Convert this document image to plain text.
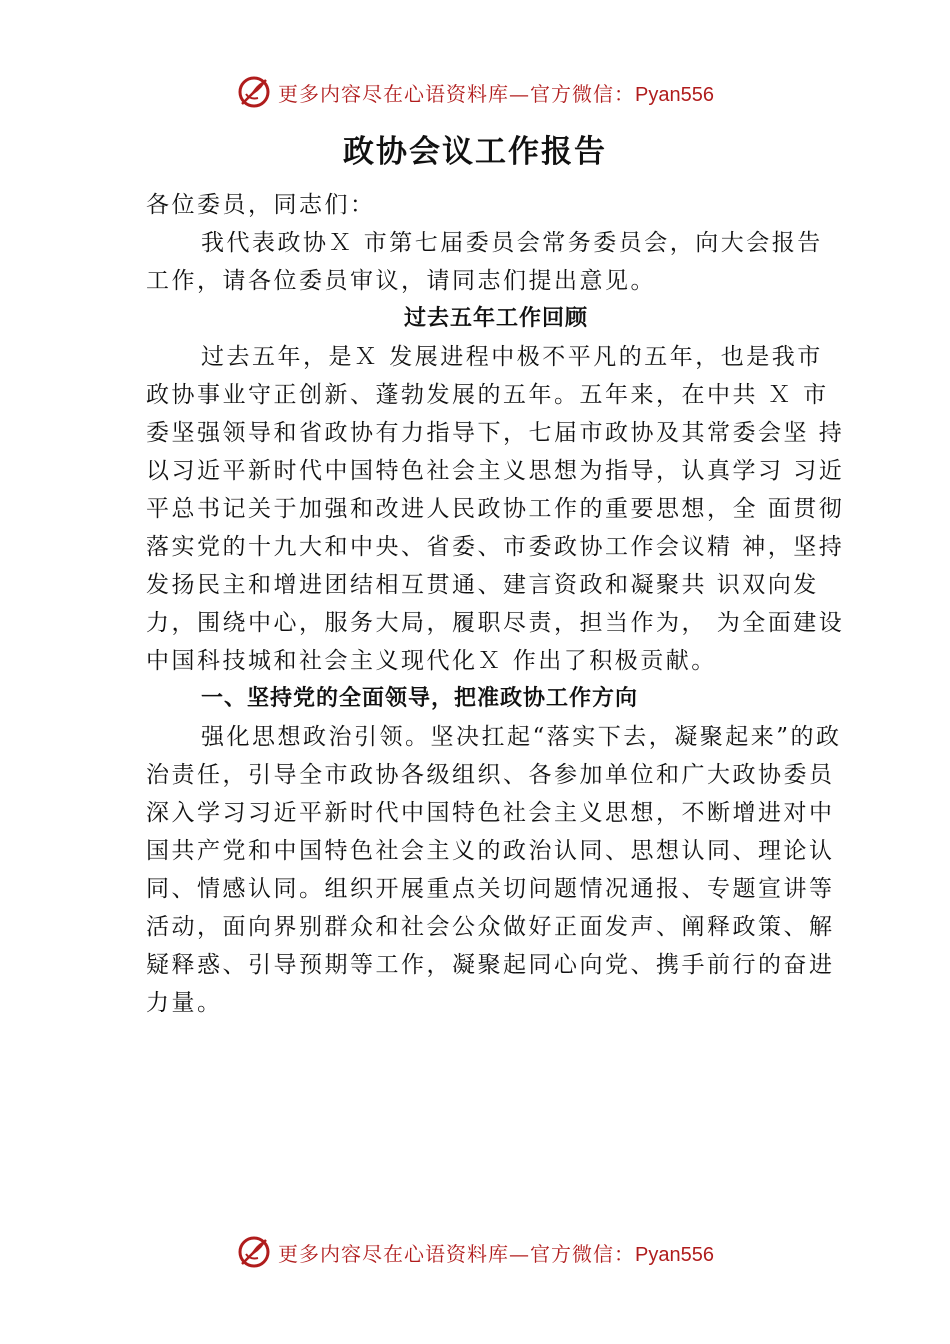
更多内容尽在心语资料库—官方微信：Pyan556
政协会议工作报告

各位委员，同志们：

我代表政协Ｘ 市第七届委员会常务委员会，向大会报告工作，请各位委员审议，请同志们提出意见。

过去五年工作回顾

过去五年，是Ｘ 发展进程中极不平凡的五年，也是我市政协事业守正创新、蓬勃发展的五年。五年来，在中共 Ｘ 市 委坚强领导和省政协有力指导下，七届市政协及其常委会坚 持以习近平新时代中国特色社会主义思想为指导，认真学习 习近平总书记关于加强和改进人民政协工作的重要思想，全 面贯彻落实党的十九大和中央、省委、市委政协工作会议精 神，坚持发扬民主和增进团结相互贯通、建言资政和凝聚共 识双向发力，围绕中心，服务大局，履职尽责，担当作为， 为全面建设中国科技城和社会主义现代化Ｘ 作出了积极贡献。

一、坚持党的全面领导，把准政协工作方向

强化思想政治引领。坚决扛起“落实下去，凝聚起来”的政治责任，引导全市政协各级组织、各参加单位和广大政协委员深入学习习近平新时代中国特色社会主义思想，不断增进对中国共产党和中国特色社会主义的政治认同、思想认同、理论认同、情感认同。组织开展重点关切问题情况通报、专题宣讲等活动，面向界别群众和社会公众做好正面发声、阐释政策、解疑释惑、引导预期等工作，凝聚起同心向党、携手前行的奋进力量。

更多内容尽在心语资料库—官方微信：Pyan556
